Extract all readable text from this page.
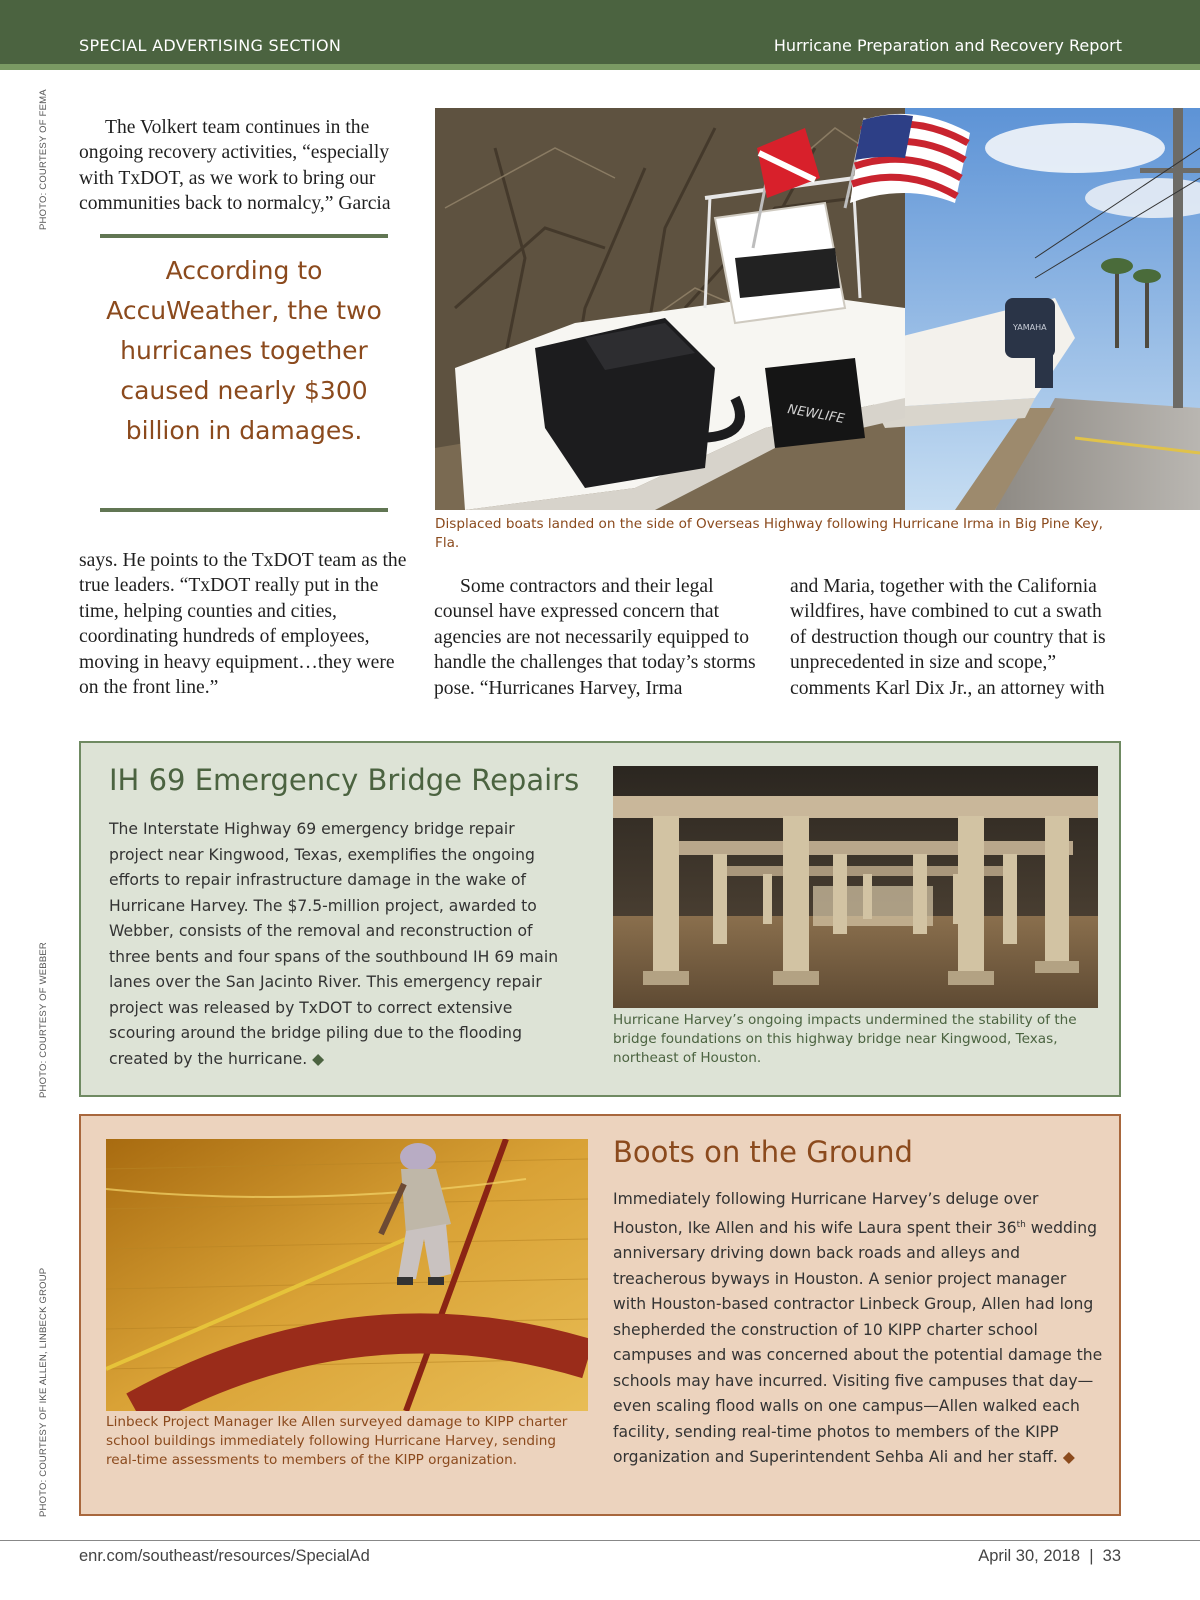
SPECIAL ADVERTISING SECTION	Hurricane Preparation and Recovery Report
PHOTO: COURTESY OF FEMA
PHOTO: COURTESY OF WEBBER
PHOTO: COURTESY OF IKE ALLEN, LINBECK GROUP

The Volkert team continues in the ongoing recovery activities, “especially with TxDOT, as we work to bring our communities back to normalcy,” Garcia

According to AccuWeather, the two hurricanes together caused nearly $300 billion in damages.

says. He points to the TxDOT team as the true leaders. “TxDOT really put in the time, helping counties and cities, coordinating hundreds of employees, moving in heavy equipment…they were on the front line.”

Some contractors and their legal counsel have expressed concern that agencies are not necessarily equipped to handle the challenges that today’s storms pose. “Hurricanes Harvey, Irma

and Maria, together with the California wildfires, have combined to cut a swath of destruction though our country that is unprecedented in size and scope,” comments Karl Dix Jr., an attorney with

NEWLIFE
YAMAHA
Displaced boats landed on the side of Overseas Highway following Hurricane Irma in Big Pine Key, Fla.
IH 69 Emergency Bridge Repairs

The Interstate Highway 69 emergency bridge repair project near Kingwood, Texas, exemplifies the ongoing efforts to repair infrastructure damage in the wake of Hurricane Harvey. The $7.5-million project, awarded to Webber, consists of the removal and reconstruction of three bents and four spans of the southbound IH 69 main lanes over the San Jacinto River. This emergency repair project was released by TxDOT to correct extensive scouring around the bridge piling due to the flooding created by the hurricane. ◆

Hurricane Harvey’s ongoing impacts undermined the stability of the bridge foundations on this highway bridge near Kingwood, Texas, northeast of Houston.
Linbeck Project Manager Ike Allen surveyed damage to KIPP charter school buildings immediately following Hurricane Harvey, sending real-time assessments to members of the KIPP organization.
Boots on the Ground

Immediately following Hurricane Harvey’s deluge over Houston, Ike Allen and his wife Laura spent their 36th wedding anniversary driving down back roads and alleys and treacherous byways in Houston. A senior project manager with Houston-based contractor Linbeck Group, Allen had long shepherded the construction of 10 KIPP charter school campuses and was concerned about the potential damage the schools may have incurred. Visiting five campuses that day—even scaling flood walls on one campus—Allen walked each facility, sending real-time photos to members of the KIPP organization and Superintendent Sehba Ali and her staff. ◆

enr.com/southeast/resources/SpecialAd	April 30, 2018  |  33
